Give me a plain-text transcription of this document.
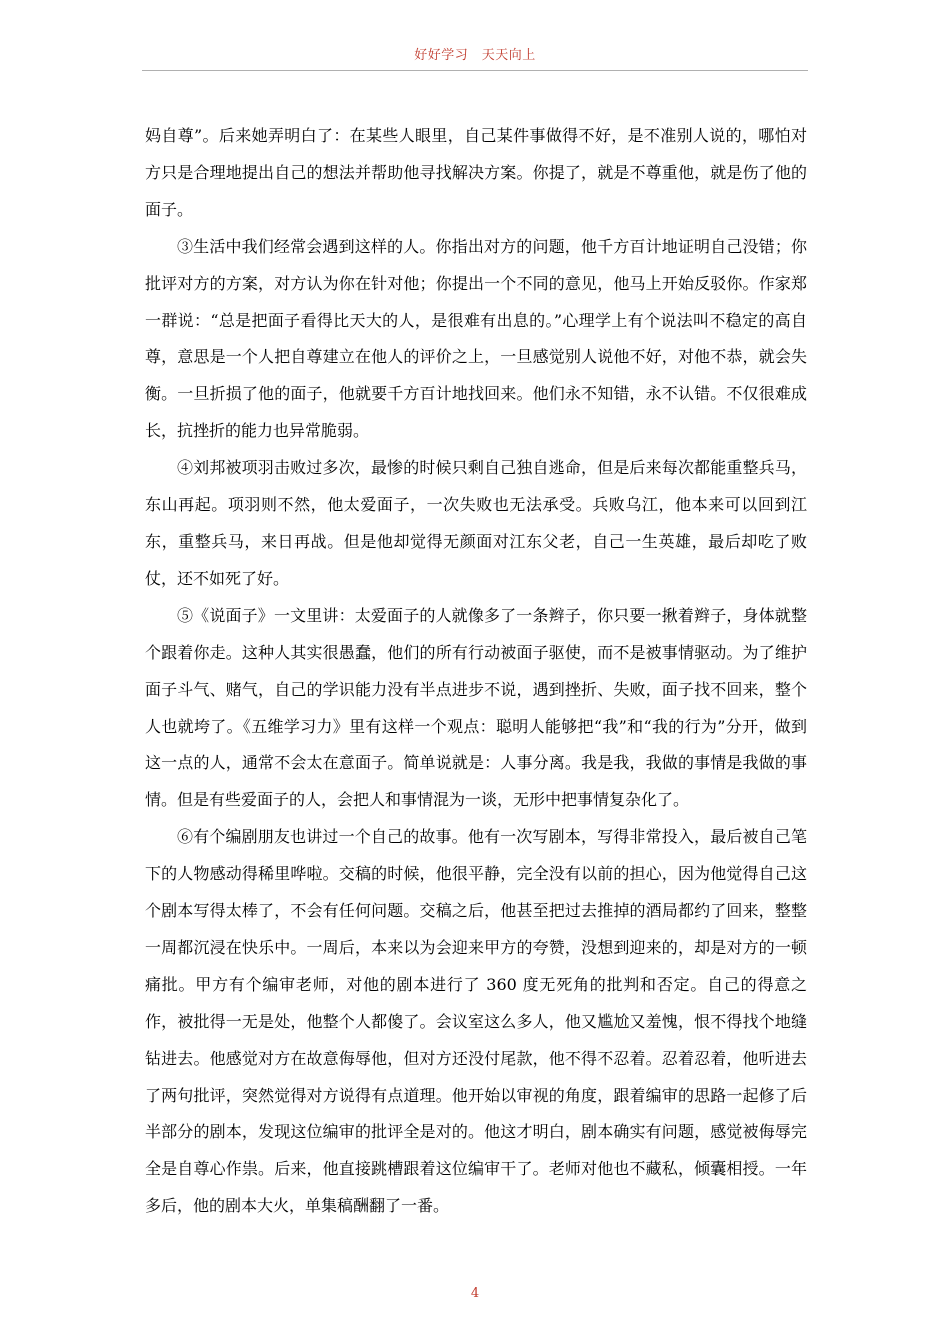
好好学习　天天向上

妈自尊”。后来她弄明白了：在某些人眼里，自己某件事做得不好，是不准别人说的，哪怕对方只是合理地提出自己的想法并帮助他寻找解决方案。你提了，就是不尊重他，就是伤了他的面子。

③生活中我们经常会遇到这样的人。你指出对方的问题，他千方百计地证明自己没错；你批评对方的方案，对方认为你在针对他；你提出一个不同的意见，他马上开始反驳你。作家郑一群说：“总是把面子看得比天大的人，是很难有出息的。”心理学上有个说法叫不稳定的高自尊，意思是一个人把自尊建立在他人的评价之上，一旦感觉别人说他不好，对他不恭，就会失衡。一旦折损了他的面子，他就要千方百计地找回来。他们永不知错，永不认错。不仅很难成长，抗挫折的能力也异常脆弱。

④刘邦被项羽击败过多次，最惨的时候只剩自己独自逃命，但是后来每次都能重整兵马，东山再起。项羽则不然，他太爱面子，一次失败也无法承受。兵败乌江，他本来可以回到江东，重整兵马，来日再战。但是他却觉得无颜面对江东父老，自己一生英雄，最后却吃了败仗，还不如死了好。

⑤《说面子》一文里讲：太爱面子的人就像多了一条辫子，你只要一揪着辫子，身体就整个跟着你走。这种人其实很愚蠢，他们的所有行动被面子驱使，而不是被事情驱动。为了维护面子斗气、赌气，自己的学识能力没有半点进步不说，遇到挫折、失败，面子找不回来，整个人也就垮了。《五维学习力》里有这样一个观点：聪明人能够把“我”和“我的行为”分开，做到这一点的人，通常不会太在意面子。简单说就是：人事分离。我是我，我做的事情是我做的事情。但是有些爱面子的人，会把人和事情混为一谈，无形中把事情复杂化了。

⑥有个编剧朋友也讲过一个自己的故事。他有一次写剧本，写得非常投入，最后被自己笔下的人物感动得稀里哗啦。交稿的时候，他很平静，完全没有以前的担心，因为他觉得自己这个剧本写得太棒了，不会有任何问题。交稿之后，他甚至把过去推掉的酒局都约了回来，整整一周都沉浸在快乐中。一周后，本来以为会迎来甲方的夸赞，没想到迎来的，却是对方的一顿痛批。甲方有个编审老师，对他的剧本进行了 360 度无死角的批判和否定。自己的得意之作，被批得一无是处，他整个人都傻了。会议室这么多人，他又尴尬又羞愧，恨不得找个地缝钻进去。他感觉对方在故意侮辱他，但对方还没付尾款，他不得不忍着。忍着忍着，他听进去了两句批评，突然觉得对方说得有点道理。他开始以审视的角度，跟着编审的思路一起修了后半部分的剧本，发现这位编审的批评全是对的。他这才明白，剧本确实有问题，感觉被侮辱完全是自尊心作祟。后来，他直接跳槽跟着这位编审干了。老师对他也不藏私，倾囊相授。一年多后，他的剧本大火，单集稿酬翻了一番。

4
